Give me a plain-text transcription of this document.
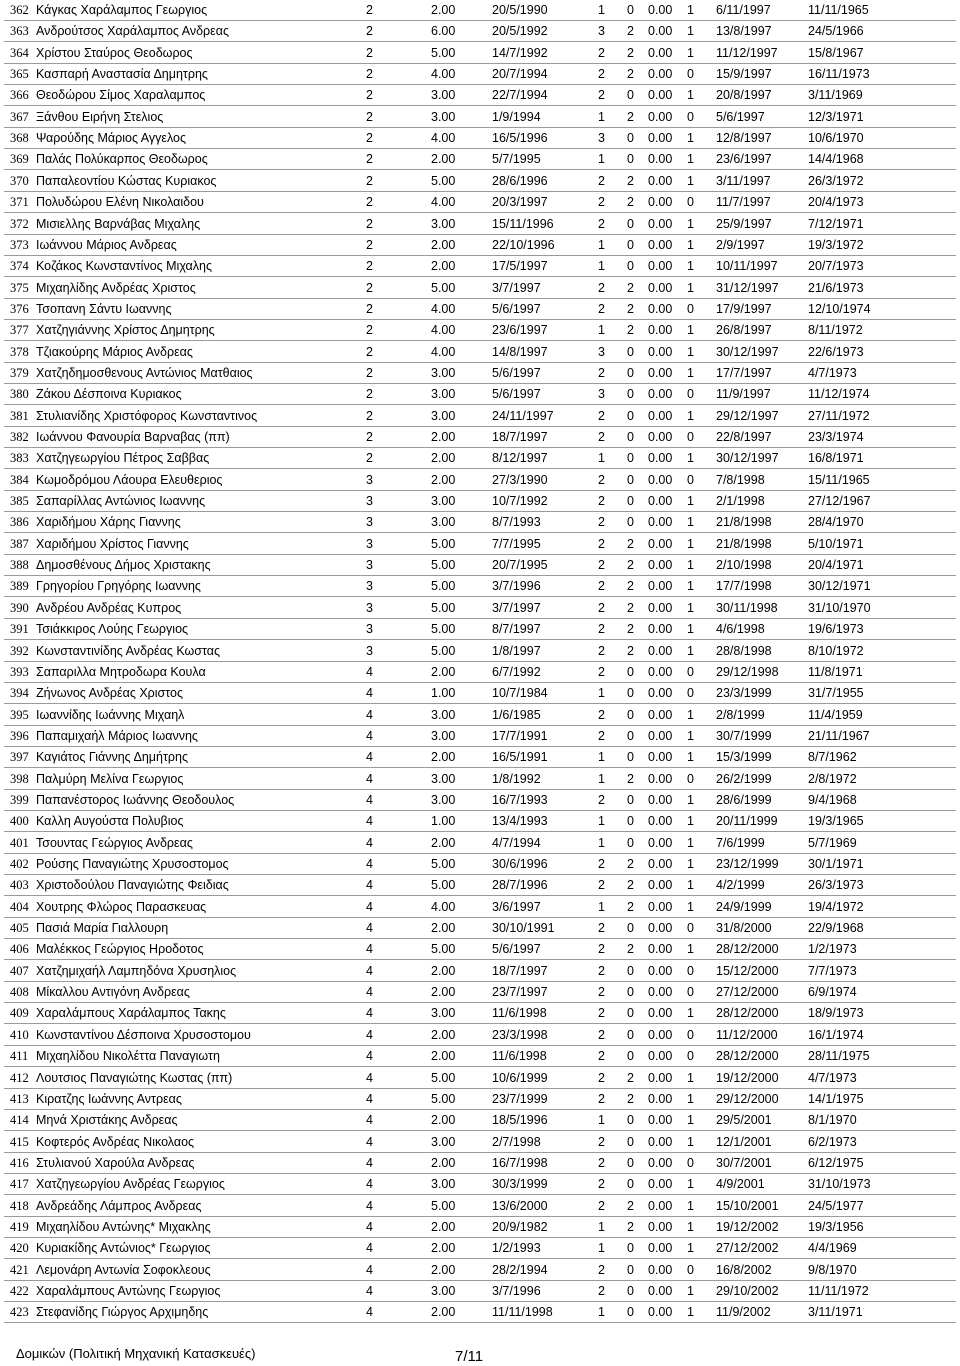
362 Κάγκας Χαράλαμπος Γεωργιος	2	2.00	20/5/1990	1 0 0.00 1 6/11/1997	11/11/1965
363 Ανδρούτσος Χαράλαμπος Ανδρεας	2	6.00	20/5/1992	3 2 0.00 1 13/8/1997	24/5/1966
364 Χρίστου Σταύρος Θεοδωρος	2	5.00	14/7/1992	2 2 0.00 1 11/12/1997 15/8/1967
365 Κασπαρή Αναστασία Δημητρης	2	4.00	20/7/1994	2 2 0.00 0 15/9/1997	16/11/1973
366 Θεοδώρου Σίμος Χαραλαμπος	2	3.00	22/7/1994	2 0 0.00 1 20/8/1997	3/11/1969
367 Ξάνθου Ειρήνη Στελιος	2	3.00	1/9/1994	1 2 0.00 0 5/6/1997	12/3/1971
368 Ψαρούδης Μάριος Αγγελος	2	4.00	16/5/1996	3 0 0.00 1 12/8/1997	10/6/1970
369 Παλάς Πολύκαρπος Θεοδωρος	2	2.00	5/7/1995	1 0 0.00 1 23/6/1997	14/4/1968
370 Παπαλεοντίου Κώστας Κυριακος	2	5.00	28/6/1996	2 2 0.00 1 3/11/1997	26/3/1972
371 Πολυδώρου Ελένη Νικολαιδου	2	4.00	20/3/1997	2 2 0.00 0 11/7/1997	20/4/1973
372 Μισιελλης Βαρνάβας Μιχαλης	2	3.00	15/11/1996	2 0 0.00 1 25/9/1997	7/12/1971
373 Ιωάννου Μάριος Ανδρεας	2	2.00	22/10/1996	1 0 0.00 1 2/9/1997	19/3/1972
374 Κοζάκος Κωνσταντίνος Μιχαλης	2	2.00	17/5/1997	1 0 0.00 1 10/11/1997 20/7/1973
375 Μιχαηλίδης Ανδρέας Χριστος	2	5.00	3/7/1997	2 2 0.00 1 31/12/1997 21/6/1973
376 Τσοπανη Σάντυ Ιωαννης	2	4.00	5/6/1997	2 2 0.00 0 17/9/1997	12/10/1974
377 Χατζηγιάννης Χρίστος Δημητρης	2	4.00	23/6/1997	1 2 0.00 1 26/8/1997	8/11/1972
378 Τζιακούρης Μάριος Ανδρεας	2	4.00	14/8/1997	3 0 0.00 1 30/12/1997 22/6/1973
379 Χατζηδημοσθενους Αντώνιος Ματθαιος	2	3.00	5/6/1997	2 0 0.00 1 17/7/1997	4/7/1973
380 Ζάκου Δέσποινα Κυριακος	2	3.00	5/6/1997	3 0 0.00 0 11/9/1997	11/12/1974
381 Στυλιανίδης Χριστόφορος Κωνσταντινος	2	3.00	24/11/1997	2 0 0.00 1 29/12/1997 27/11/1972
382 Ιωάννου Φανουρία Βαρναβας (ππ)	2	2.00	18/7/1997	2 0 0.00 0 22/8/1997	23/3/1974
383 Χατζηγεωργίου Πέτρος Σαββας	2	2.00	8/12/1997	1 0 0.00 1 30/12/1997 16/8/1971
384 Κωμοδρόμου Λάουρα Ελευθεριος	3	2.00	27/3/1990	2 0 0.00 0 7/8/1998	15/11/1965
385 Σαπαρίλλας Αντώνιος Ιωαννης	3	3.00	10/7/1992	2 0 0.00 1 2/1/1998	27/12/1967
386 Χαριδήμου Χάρης Γιαννης	3	3.00	8/7/1993	2 0 0.00 1 21/8/1998	28/4/1970
387 Χαριδήμου Χρίστος Γιαννης	3	5.00	7/7/1995	2 2 0.00 1 21/8/1998	5/10/1971
388 Δημοσθένους Δήμος Χριστακης	3	5.00	20/7/1995	2 2 0.00 1 2/10/1998	20/4/1971
389 Γρηγορίου Γρηγόρης Ιωαννης	3	5.00	3/7/1996	2 2 0.00 1 17/7/1998	30/12/1971
390 Ανδρέου Ανδρέας Κυπρος	3	5.00	3/7/1997	2 2 0.00 1 30/11/1998 31/10/1970
391 Τσιάκκιρος Λούης Γεωργιος	3	5.00	8/7/1997	2 2 0.00 1 4/6/1998	19/6/1973
392 Κωνσταντινίδης Ανδρέας Κωστας	3	5.00	1/8/1997	2 2 0.00 1 28/8/1998	8/10/1972
393 Σαπαριλλα Μητροδωρα Κουλα	4	2.00	6/7/1992	2 0 0.00 0 29/12/1998 11/8/1971
394 Ζήνωνος Ανδρέας Χριστος	4	1.00	10/7/1984	1 0 0.00 0 23/3/1999	31/7/1955
395 Ιωαννίδης Ιωάννης Μιχαηλ	4	3.00	1/6/1985	2 0 0.00 1 2/8/1999	11/4/1959
396 Παπαμιχαήλ Μάριος Ιωαννης	4	3.00	17/7/1991	2 0 0.00 1 30/7/1999	21/11/1967
397 Καγιάτος Γιάννης Δημήτρης	4	2.00	16/5/1991	1 0 0.00 1 15/3/1999	8/7/1962
398 Παλμύρη Μελίνα Γεωργιος	4	3.00	1/8/1992	1 2 0.00 0 26/2/1999	2/8/1972
399 Παπανέστορος Ιωάννης Θεοδουλος	4	3.00	16/7/1993	2 0 0.00 1 28/6/1999	9/4/1968
400 Καλλη Αυγούστα Πολυβιος	4	1.00	13/4/1993	1 0 0.00 1 20/11/1999 19/3/1965
401 Τσουντας Γεώργιος Ανδρεας	4	2.00	4/7/1994	1 0 0.00 1 7/6/1999	5/7/1969
402 Ρούσης Παναγιώτης Χρυσοστομος	4	5.00	30/6/1996	2 2 0.00 1 23/12/1999 30/1/1971
403 Χριστοδούλου Παναγιώτης Φειδιας	4	5.00	28/7/1996	2 2 0.00 1 4/2/1999	26/3/1973
404 Χουτρης Φλώρος Παρασκευας	4	4.00	3/6/1997	1 2 0.00 1 24/9/1999	19/4/1972
405 Πασιά Μαρία Γιαλλουρη	4	2.00	30/10/1991	2 0 0.00 0 31/8/2000	22/9/1968
406 Μαλέκκος Γεώργιος Ηροδοτος	4	5.00	5/6/1997	2 2 0.00 1 28/12/2000 1/2/1973
407 Χατζημιχαήλ Λαμπηδόνα Χρυσηλιος	4	2.00	18/7/1997	2 0 0.00 0 15/12/2000 7/7/1973
408 Μίκαλλου Αντιγόνη Ανδρεας	4	2.00	23/7/1997	2 0 0.00 0 27/12/2000 6/9/1974
409 Χαραλάμπους Χαράλαμπος Τακης	4	3.00	11/6/1998	2 0 0.00 1 28/12/2000 18/9/1973
410 Κωνσταντίνου Δέσποινα Χρυσοστομου	4	2.00	23/3/1998	2 0 0.00 0 11/12/2000 16/1/1974
411 Μιχαηλίδου Νικολέττα Παναγιωτη	4	2.00	11/6/1998	2 0 0.00 0 28/12/2000 28/11/1975
412 Λουτσιος Παναγιώτης Κωστας (ππ)	4	5.00	10/6/1999	2 2 0.00 1 19/12/2000 4/7/1973
413 Κιρατζης Ιωάννης Αντρεας	4	5.00	23/7/1999	2 2 0.00 1 29/12/2000 14/1/1975
414 Μηνά Χριστάκης Ανδρεας	4	2.00	18/5/1996	1 0 0.00 1 29/5/2001	8/1/1970
415 Κοφτερός Ανδρέας Νικολαος	4	3.00	2/7/1998	2 0 0.00 1 12/1/2001	6/2/1973
416 Στυλιανού Χαρούλα Ανδρεας	4	2.00	16/7/1998	2 0 0.00 0 30/7/2001	6/12/1975
417 Χατζηγεωργίου Ανδρέας Γεωργιος	4	3.00	30/3/1999	2 0 0.00 1 4/9/2001	31/10/1973
418 Ανδρεάδης Λάμπρος Ανδρεας	4	5.00	13/6/2000	2 2 0.00 1 15/10/2001 24/5/1977
419 Μιχαηλίδου Αντώνης* Μιχακλης	4	2.00	20/9/1982	1 2 0.00 1 19/12/2002 19/3/1956
420 Κυριακίδης Αντώνιος* Γεωργιος	4	2.00	1/2/1993	1 0 0.00 1 27/12/2002 4/4/1969
421 Λεμονάρη Αντωνία Σοφοκλεους	4	2.00	28/2/1994	2 0 0.00 0 16/8/2002	9/8/1970
422 Χαραλάμπους Αντώνης Γεωργιος	4	3.00	3/7/1996	2 0 0.00 1 29/10/2002 11/11/1972
423 Στεφανίδης Γιώργος Αρχιμηδης	4	2.00	11/11/1998	1 0 0.00 1 11/9/2002	3/11/1971
Δομικών (Πολιτική Μηχανική Κατασκευές)	7/11
